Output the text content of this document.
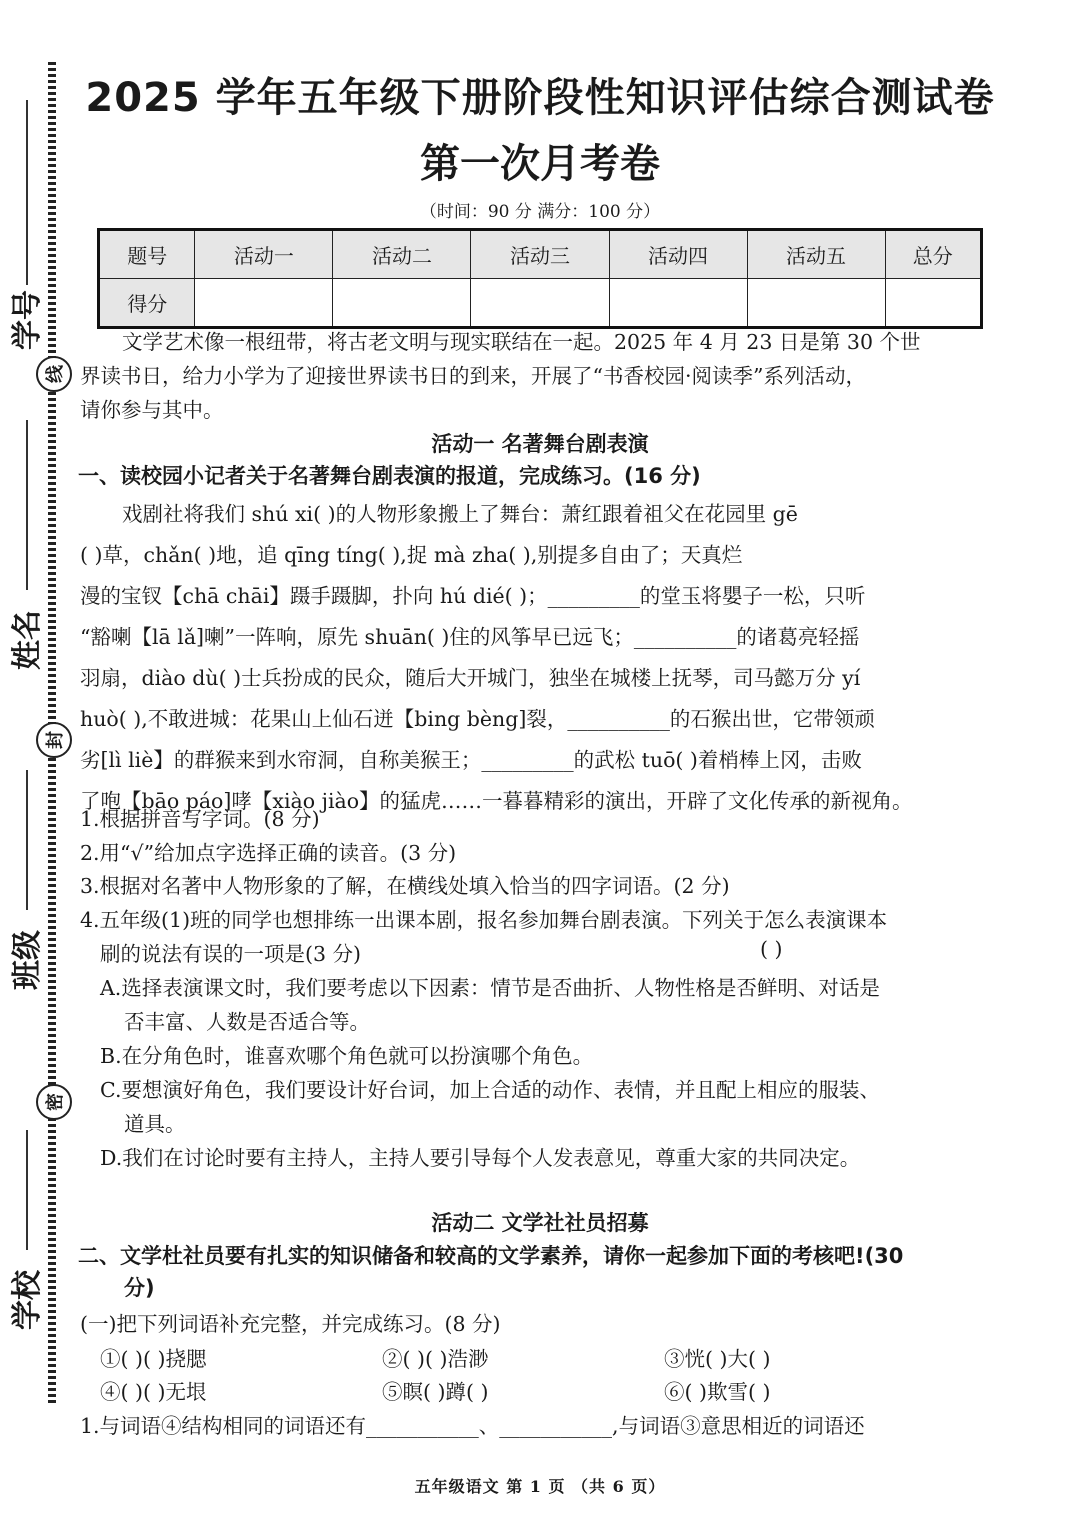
学号
线
姓名
封
班级
密
学校
2025 学年五年级下册阶段性知识评估综合测试卷
第一次月考卷
（时间：90 分 满分：100 分）
题号	活动一	活动二	活动三	活动四	活动五	总分
得分						
文学艺术像一根纽带，将古老文明与现实联结在一起。2025 年 4 月 23 日是第 30 个世
界读书日，给力小学为了迎接世界读书日的到来，开展了“书香校园·阅读季”系列活动，
请你参与其中。
活动一 名著舞台剧表演
一、读校园小记者关于名著舞台剧表演的报道，完成练习。(16 分)
戏剧社将我们 shú xi( )的人物形象搬上了舞台：萧红跟着祖父在花园里 gē
( )草，chǎn( )地，追 qīng tíng( ),捉 mà zha( ),别提多自由了；天真烂
漫的宝钗【chā chāi】蹑手蹑脚，扑向 hú dié( )；_________的堂玉将嬰子一松，只听
“豁喇【lā lǎ]喇”一阵响，原先 shuān( )住的风筝早已远飞；__________的诸葛亮轻摇
羽扇，diào dù( )士兵扮成的民众，随后大开城门，独坐在城楼上抚琴，司马懿万分 yí
huò( ),不敢进城：花果山上仙石迸【bing bèng]裂，__________的石猴出世，它带领顽
劣[lì liè】的群猴来到水帘洞，自称美猴王；_________的武松 tuō( )着梢棒上冈，击败
了咆【bāo páo]哮【xiào jiào】的猛虎……一暮暮精彩的演出，开辟了文化传承的新视角。
1.根据拼音写字词。(8 分)
2.用“√”给加点字选择正确的读音。(3 分)
3.根据对名著中人物形象的了解，在横线处填入恰当的四字词语。(2 分)
4.五年级(1)班的同学也想排练一出课本剧，报名参加舞台剧表演。下列关于怎么表演课本
刷的说法有误的一项是(3 分)	( )
A.选择表演课文时，我们要考虑以下因素：情节是否曲折、人物性格是否鲜明、对话是
否丰富、人数是否适合等。
B.在分角色时，谁喜欢哪个角色就可以扮演哪个角色。
C.要想演好角色，我们要设计好台词，加上合适的动作、表情，并且配上相应的服装、
道具。
D.我们在讨论时要有主持人，主持人要引导每个人发表意见，尊重大家的共同决定。
活动二 文学社社员招募
二、文学杜社员要有扎实的知识储备和较高的文学素养，请你一起参加下面的考核吧!(30
分)
(一)把下列词语补充完整，并完成练习。(8 分)
①( )( )挠腮	②( )( )浩渺	③恍( )大( )
④( )( )无垠	⑤瞑( )蹲( )	⑥( )欺雪( )
1.与词语④结构相同的词语还有___________、___________,与词语③意思相近的词语还
五年级语文 第 1 页 （共 6 页）
